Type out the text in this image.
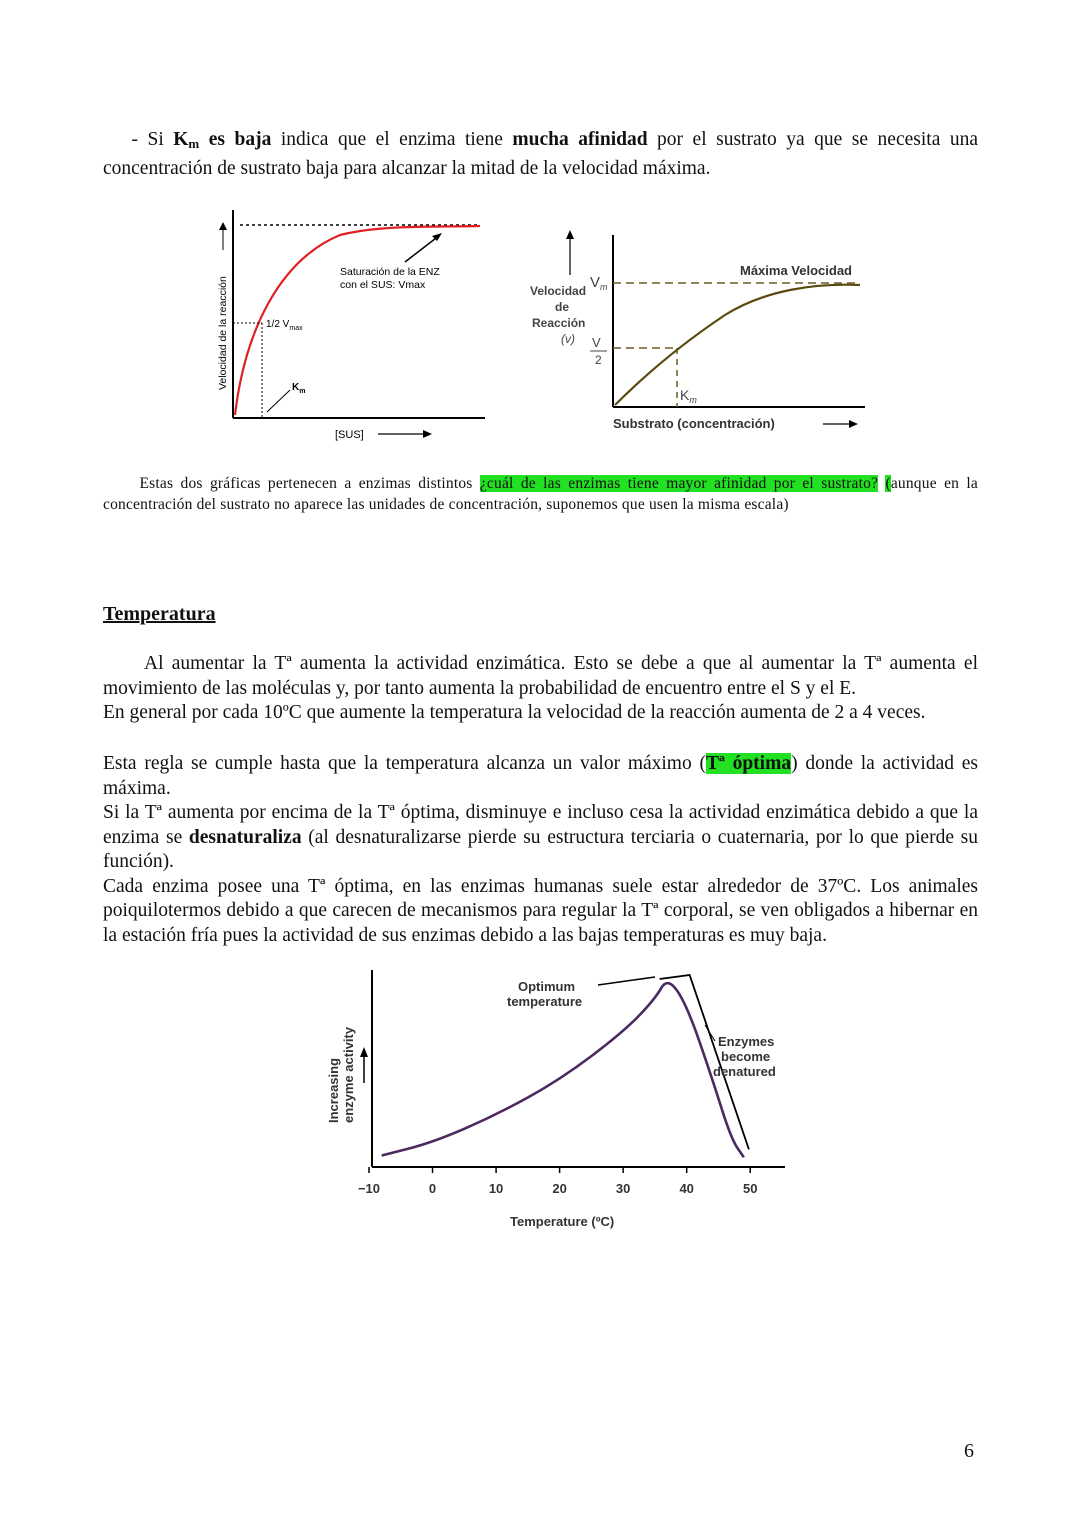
- Si $K_m$ es baja indica que el enzima tiene mucha afinidad por el sustrato ya que se necesita una concentración de sustrato baja para alcanzar la mitad de la velocidad máxima.

Saturación de la ENZ
con el SUS: Vmax
1/2 $V_{max}$
$K_m$
[SUS]
Velocidad de la reacción
Máxima Velocidad
Velocidad
de
Reacción
(v)
$V_m$
V
2
$K_m$
Substrato (concentración)

Estas dos gráficas pertenecen a enzimas distintos ¿cuál de las enzimas tiene mayor afinidad por el sustrato? (aunque en la concentración del sustrato no aparece las unidades de concentración, suponemos que usen la misma escala)

Temperatura

Al aumentar la Tª aumenta la actividad enzimática. Esto se debe a que al aumentar la Tª aumenta el movimiento de las moléculas y, por tanto aumenta la probabilidad de encuentro entre el S y el E.
En general por cada 10ºC que aumente la temperatura la velocidad de la reacción aumenta de 2 a 4 veces.

Esta regla se cumple hasta que la temperatura alcanza un valor máximo (Tª óptima) donde la actividad es máxima.
Si la Tª aumenta por encima de la Tª óptima, disminuye e incluso cesa la actividad enzimática debido a que la enzima se desnaturaliza (al desnaturalizarse pierde su estructura terciaria o cuaternaria, por lo que pierde su función).
Cada enzima posee una Tª óptima, en las enzimas humanas suele estar alrededor de 37ºC. Los animales poiquilotermos debido a que carecen de mecanismos para regular la Tª corporal, se ven obligados a hibernar en la estación fría pues la actividad de sus enzimas debido a las bajas temperaturas es muy baja.

−10	0	10	20	30	40	50
Optimum
temperature
Enzymes
become
denatured
Increasing enzyme activity
Temperature (ºC)
6
